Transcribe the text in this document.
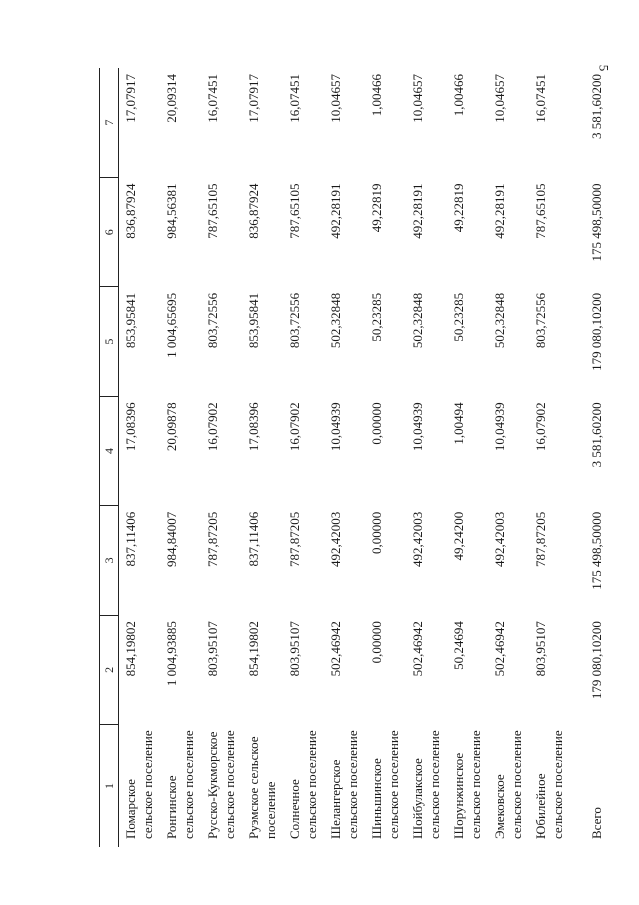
5
1	2	3	4	5	6	7
Помарское сельское поселение	854,19802	837,11406	17,08396	853,95841	836,87924	17,07917
Ронгинское сельское поселение	1 004,93885	984,84007	20,09878	1 004,65695	984,56381	20,09314
Русско-Кукморское сельское поселение	803,95107	787,87205	16,07902	803,72556	787,65105	16,07451
Руэмское сельское поселение	854,19802	837,11406	17,08396	853,95841	836,87924	17,07917
Солнечное сельское поселение	803,95107	787,87205	16,07902	803,72556	787,65105	16,07451
Шелангерское сельское поселение	502,46942	492,42003	10,04939	502,32848	492,28191	10,04657
Шиньшинское сельское поселение	0,00000	0,00000	0,00000	50,23285	49,22819	1,00466
Шойбулакское сельское поселение	502,46942	492,42003	10,04939	502,32848	492,28191	10,04657
Шорунжинское сельское поселение	50,24694	49,24200	1,00494	50,23285	49,22819	1,00466
Эмековское сельское поселение	502,46942	492,42003	10,04939	502,32848	492,28191	10,04657
Юбилейное сельское поселение	803,95107	787,87205	16,07902	803,72556	787,65105	16,07451
Всего	179 080,10200	175 498,50000	3 581,60200	179 080,10200	175 498,50000	3 581,60200
